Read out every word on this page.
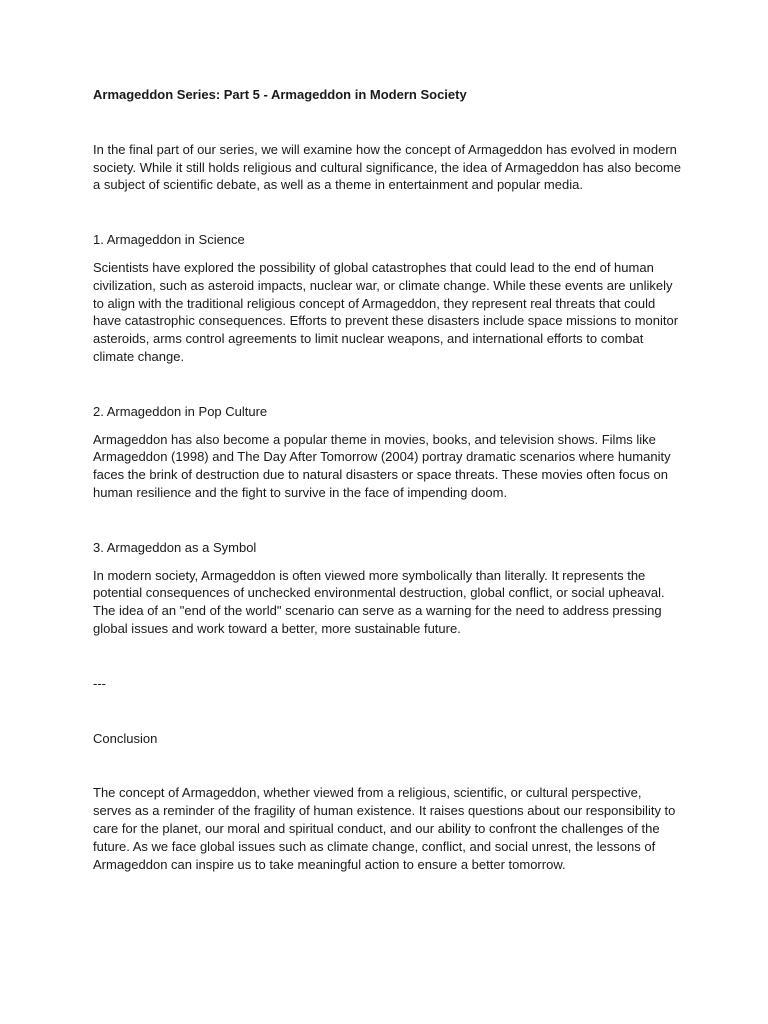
Armageddon Series: Part 5 - Armageddon in Modern Society

In the final part of our series, we will examine how the concept of Armageddon has evolved in modern society. While it still holds religious and cultural significance, the idea of Armageddon has also become a subject of scientific debate, as well as a theme in entertainment and popular media.

1. Armageddon in Science

Scientists have explored the possibility of global catastrophes that could lead to the end of human civilization, such as asteroid impacts, nuclear war, or climate change. While these events are unlikely to align with the traditional religious concept of Armageddon, they represent real threats that could have catastrophic consequences. Efforts to prevent these disasters include space missions to monitor asteroids, arms control agreements to limit nuclear weapons, and international efforts to combat climate change.

2. Armageddon in Pop Culture

Armageddon has also become a popular theme in movies, books, and television shows. Films like Armageddon (1998) and The Day After Tomorrow (2004) portray dramatic scenarios where humanity faces the brink of destruction due to natural disasters or space threats. These movies often focus on human resilience and the fight to survive in the face of impending doom.

3. Armageddon as a Symbol

In modern society, Armageddon is often viewed more symbolically than literally. It represents the potential consequences of unchecked environmental destruction, global conflict, or social upheaval. The idea of an "end of the world" scenario can serve as a warning for the need to address pressing global issues and work toward a better, more sustainable future.

---

Conclusion

The concept of Armageddon, whether viewed from a religious, scientific, or cultural perspective, serves as a reminder of the fragility of human existence. It raises questions about our responsibility to care for the planet, our moral and spiritual conduct, and our ability to confront the challenges of the future. As we face global issues such as climate change, conflict, and social unrest, the lessons of Armageddon can inspire us to take meaningful action to ensure a better tomorrow.
